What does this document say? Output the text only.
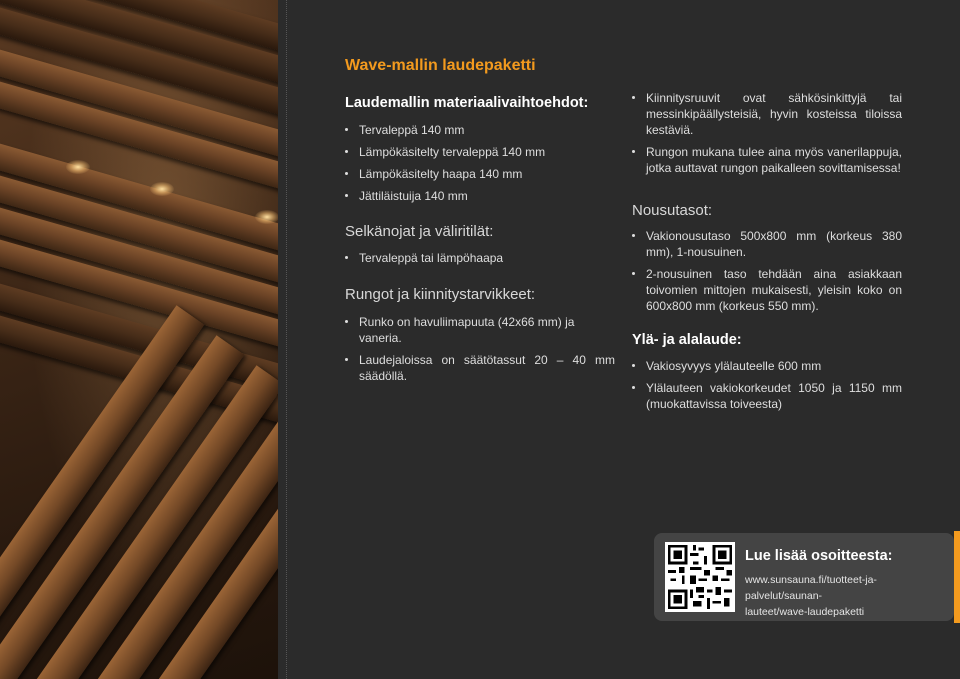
Wave-mallin laudepaketti
Laudemallin materiaalivaihtoehdot:
Tervaleppä 140 mm
Lämpökäsitelty tervaleppä 140 mm
Lämpökäsitelty haapa 140 mm
Jättiläistuija 140 mm
Selkänojat ja väliritilät:
Tervaleppä tai lämpöhaapa
Rungot ja kiinnitystarvikkeet:
Runko on havuliimapuuta (42x66 mm) ja vaneria.
Laudejaloissa on säätötassut 20 – 40 mm säädöllä.
Kiinnitysruuvit ovat sähkösinkittyjä tai messinkipäällysteisiä, hyvin kosteissa tiloissa kestäviä.
Rungon mukana tulee aina myös vanerilappuja, jotka auttavat rungon paikalleen sovittamisessa!
Nousutasot:
Vakionousutaso 500x800 mm (korkeus 380 mm), 1-nousuinen.
2-nousuinen taso tehdään aina asiakkaan toivomien mittojen mukaisesti, yleisin koko on 600x800 mm (korkeus 550 mm).
Ylä- ja alalaude:
Vakiosyvyys ylälauteelle 600 mm
Ylälauteen vakiokorkeudet 1050 ja 1150 mm (muokattavissa toiveesta)
Lue lisää osoitteesta:
www.sunsauna.fi/tuotteet-ja-palvelut/saunan-
lauteet/wave-laudepaketti
